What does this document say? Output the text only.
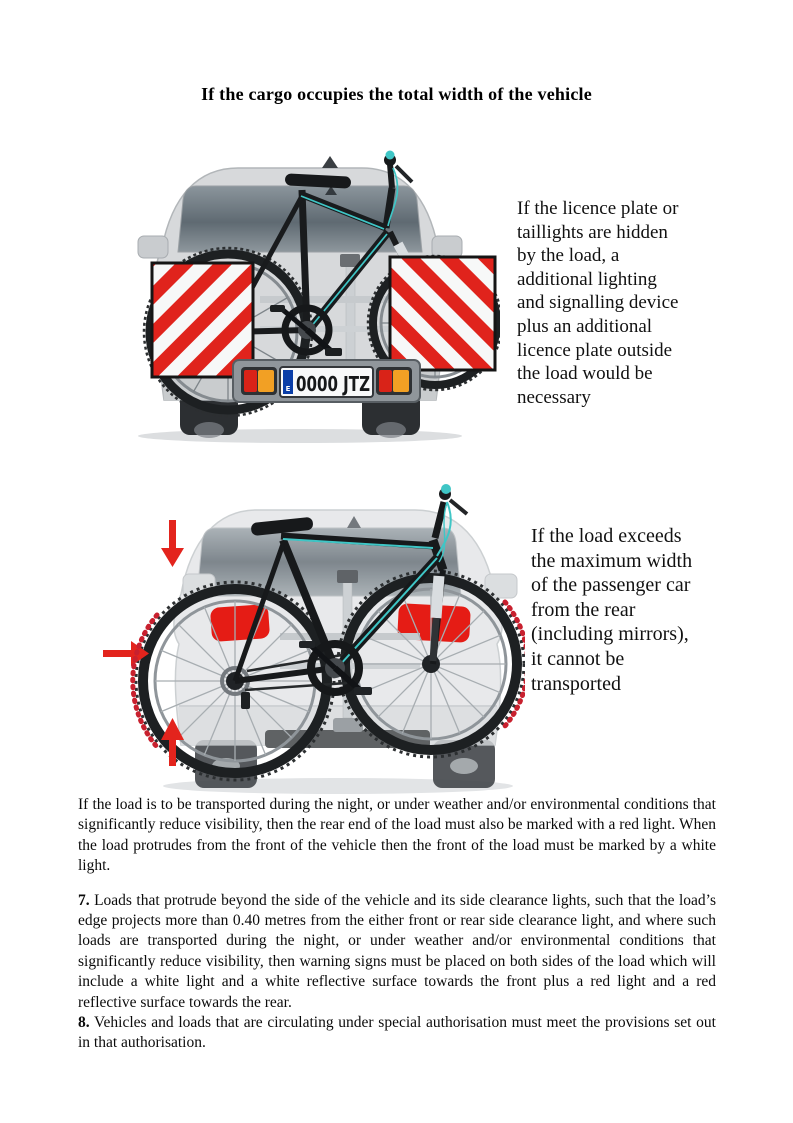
If the cargo occupies the total width of the vehicle
E 0000 JTZ
If the licence plate or
taillights are hidden
by the load, a
additional lighting
and signalling device
plus an additional
licence plate outside
the load would be
necessary
If the load exceeds
the maximum width
of the passenger car
from the rear
(including mirrors),
it cannot be
transported

If the load is to be transported during the night, or under weather and/or environmental conditions that significantly reduce visibility, then the rear end of the load must also be marked with a red light. When the load protrudes from the front of the vehicle then the front of the load must be marked by a white light.

7. Loads that protrude beyond the side of the vehicle and its side clearance lights, such that the load’s edge projects more than 0.40 metres from the either front or rear side clearance light, and where such loads are transported during the night, or under weather and/or environmental conditions that significantly reduce visibility, then warning signs must be placed on both sides of the load which will include a white light and a white reflective surface towards the front plus a red light and a red reflective surface towards the rear.

8. Vehicles and loads that are circulating under special authorisation must meet the provisions set out in that authorisation.
